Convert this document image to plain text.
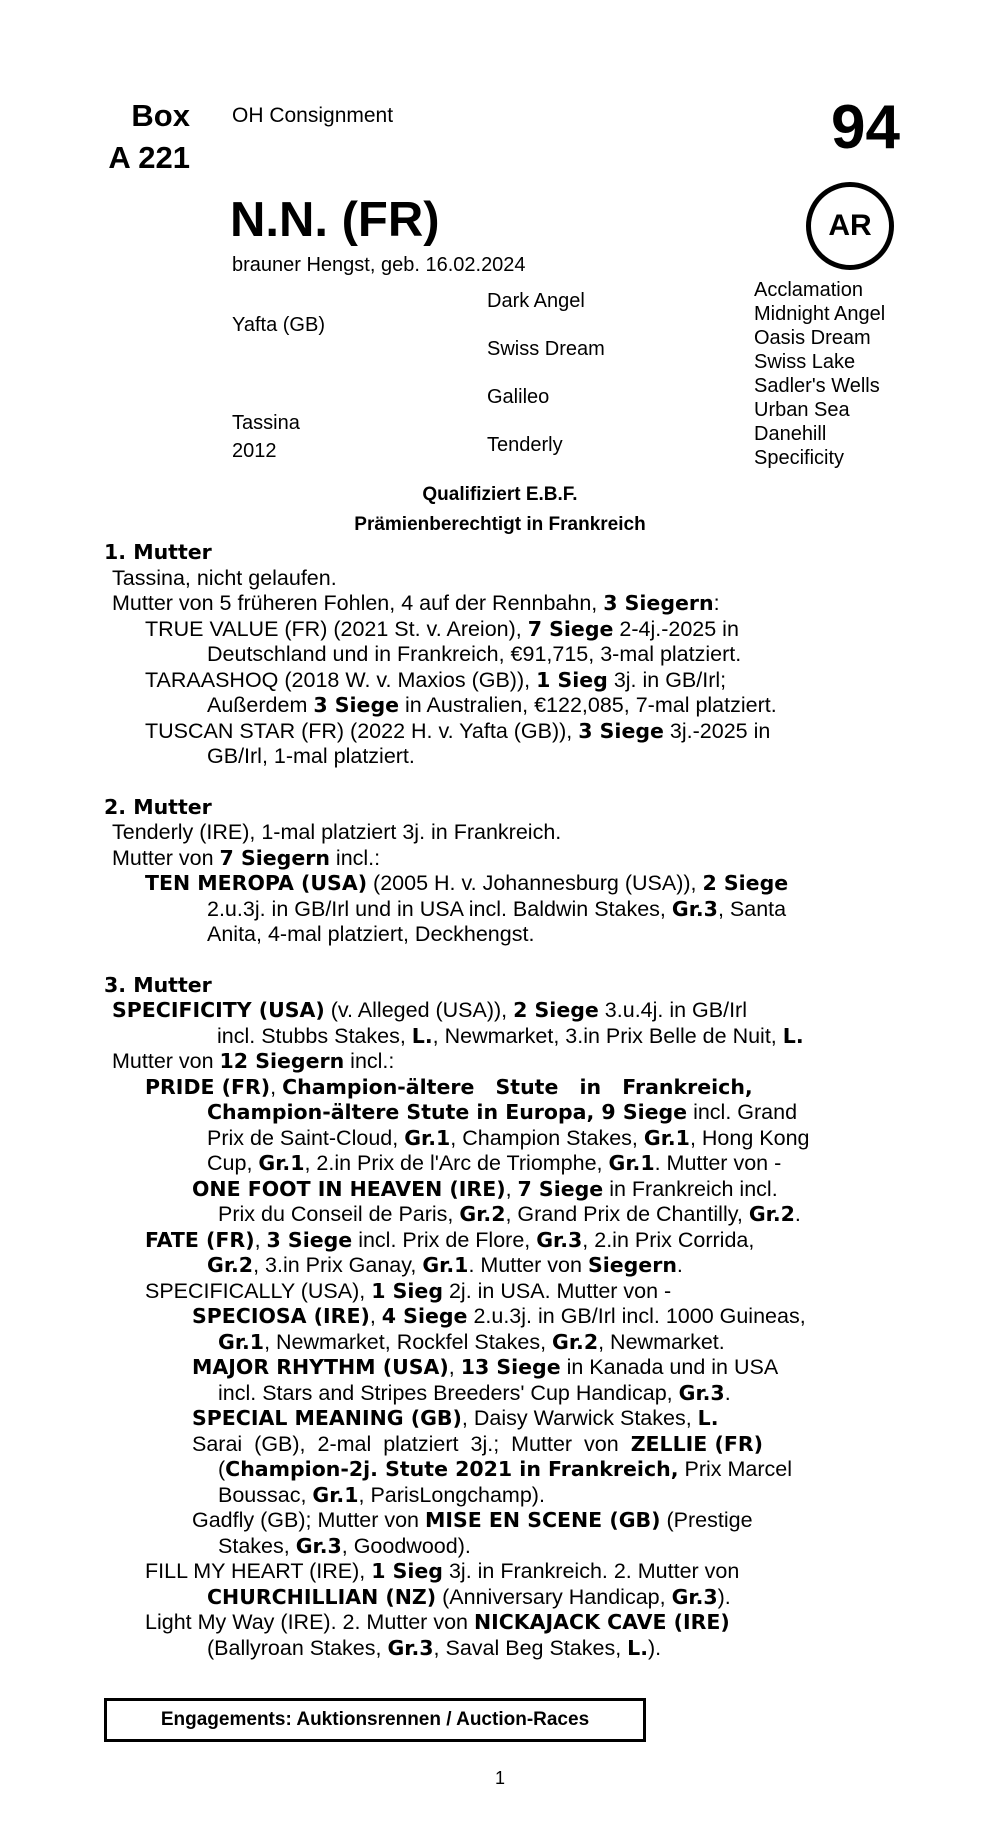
Box
A 221
OH Consignment	94
AR
N.N. (FR)
brauner Hengst, geb. 16.02.2024
Yafta (GB)
Tassina
2012
Dark Angel
Swiss Dream
Galileo
Tenderly
Acclamation
Midnight Angel
Oasis Dream
Swiss Lake
Sadler's Wells
Urban Sea
Danehill
Specificity
Qualifiziert E.B.F.
Prämienberechtigt in Frankreich
1. Mutter
Tassina, nicht gelaufen.
Mutter von 5 früheren Fohlen, 4 auf der Rennbahn, 3 Siegern:
TRUE VALUE (FR) (2021 St. v. Areion), 7 Siege 2-4j.-2025 in
Deutschland und in Frankreich, €91,715, 3-mal platziert.
TARAASHOQ (2018 W. v. Maxios (GB)), 1 Sieg 3j. in GB/Irl;
Außerdem 3 Siege in Australien, €122,085, 7-mal platziert.
TUSCAN STAR (FR) (2022 H. v. Yafta (GB)), 3 Siege 3j.-2025 in
GB/Irl, 1-mal platziert.
2. Mutter
Tenderly (IRE), 1-mal platziert 3j. in Frankreich.
Mutter von 7 Siegern incl.:
TEN MEROPA (USA) (2005 H. v. Johannesburg (USA)), 2 Siege
2.u.3j. in GB/Irl und in USA incl. Baldwin Stakes, Gr.3, Santa
Anita, 4-mal platziert, Deckhengst.
3. Mutter
SPECIFICITY (USA) (v. Alleged (USA)), 2 Siege 3.u.4j. in GB/Irl
incl. Stubbs Stakes, L., Newmarket, 3.in Prix Belle de Nuit, L.
Mutter von 12 Siegern incl.:
PRIDE (FR), Champion-ältere Stute in Frankreich,
Champion-ältere Stute in Europa, 9 Siege incl. Grand
Prix de Saint-Cloud, Gr.1, Champion Stakes, Gr.1, Hong Kong
Cup, Gr.1, 2.in Prix de l'Arc de Triomphe, Gr.1. Mutter von -
ONE FOOT IN HEAVEN (IRE), 7 Siege in Frankreich incl.
Prix du Conseil de Paris, Gr.2, Grand Prix de Chantilly, Gr.2.
FATE (FR), 3 Siege incl. Prix de Flore, Gr.3, 2.in Prix Corrida,
Gr.2, 3.in Prix Ganay, Gr.1. Mutter von Siegern.
SPECIFICALLY (USA), 1 Sieg 2j. in USA. Mutter von -
SPECIOSA (IRE), 4 Siege 2.u.3j. in GB/Irl incl. 1000 Guineas,
Gr.1, Newmarket, Rockfel Stakes, Gr.2, Newmarket.
MAJOR RHYTHM (USA), 13 Siege in Kanada und in USA
incl. Stars and Stripes Breeders' Cup Handicap, Gr.3.
SPECIAL MEANING (GB), Daisy Warwick Stakes, L.
Sarai (GB), 2-mal platziert 3j.; Mutter von ZELLIE (FR)
(Champion-2j. Stute 2021 in Frankreich, Prix Marcel
Boussac, Gr.1, ParisLongchamp).
Gadfly (GB); Mutter von MISE EN SCENE (GB) (Prestige
Stakes, Gr.3, Goodwood).
FILL MY HEART (IRE), 1 Sieg 3j. in Frankreich. 2. Mutter von
CHURCHILLIAN (NZ) (Anniversary Handicap, Gr.3).
Light My Way (IRE). 2. Mutter von NICKAJACK CAVE (IRE)
(Ballyroan Stakes, Gr.3, Saval Beg Stakes, L.).
Engagements: Auktionsrennen / Auction-Races
1
